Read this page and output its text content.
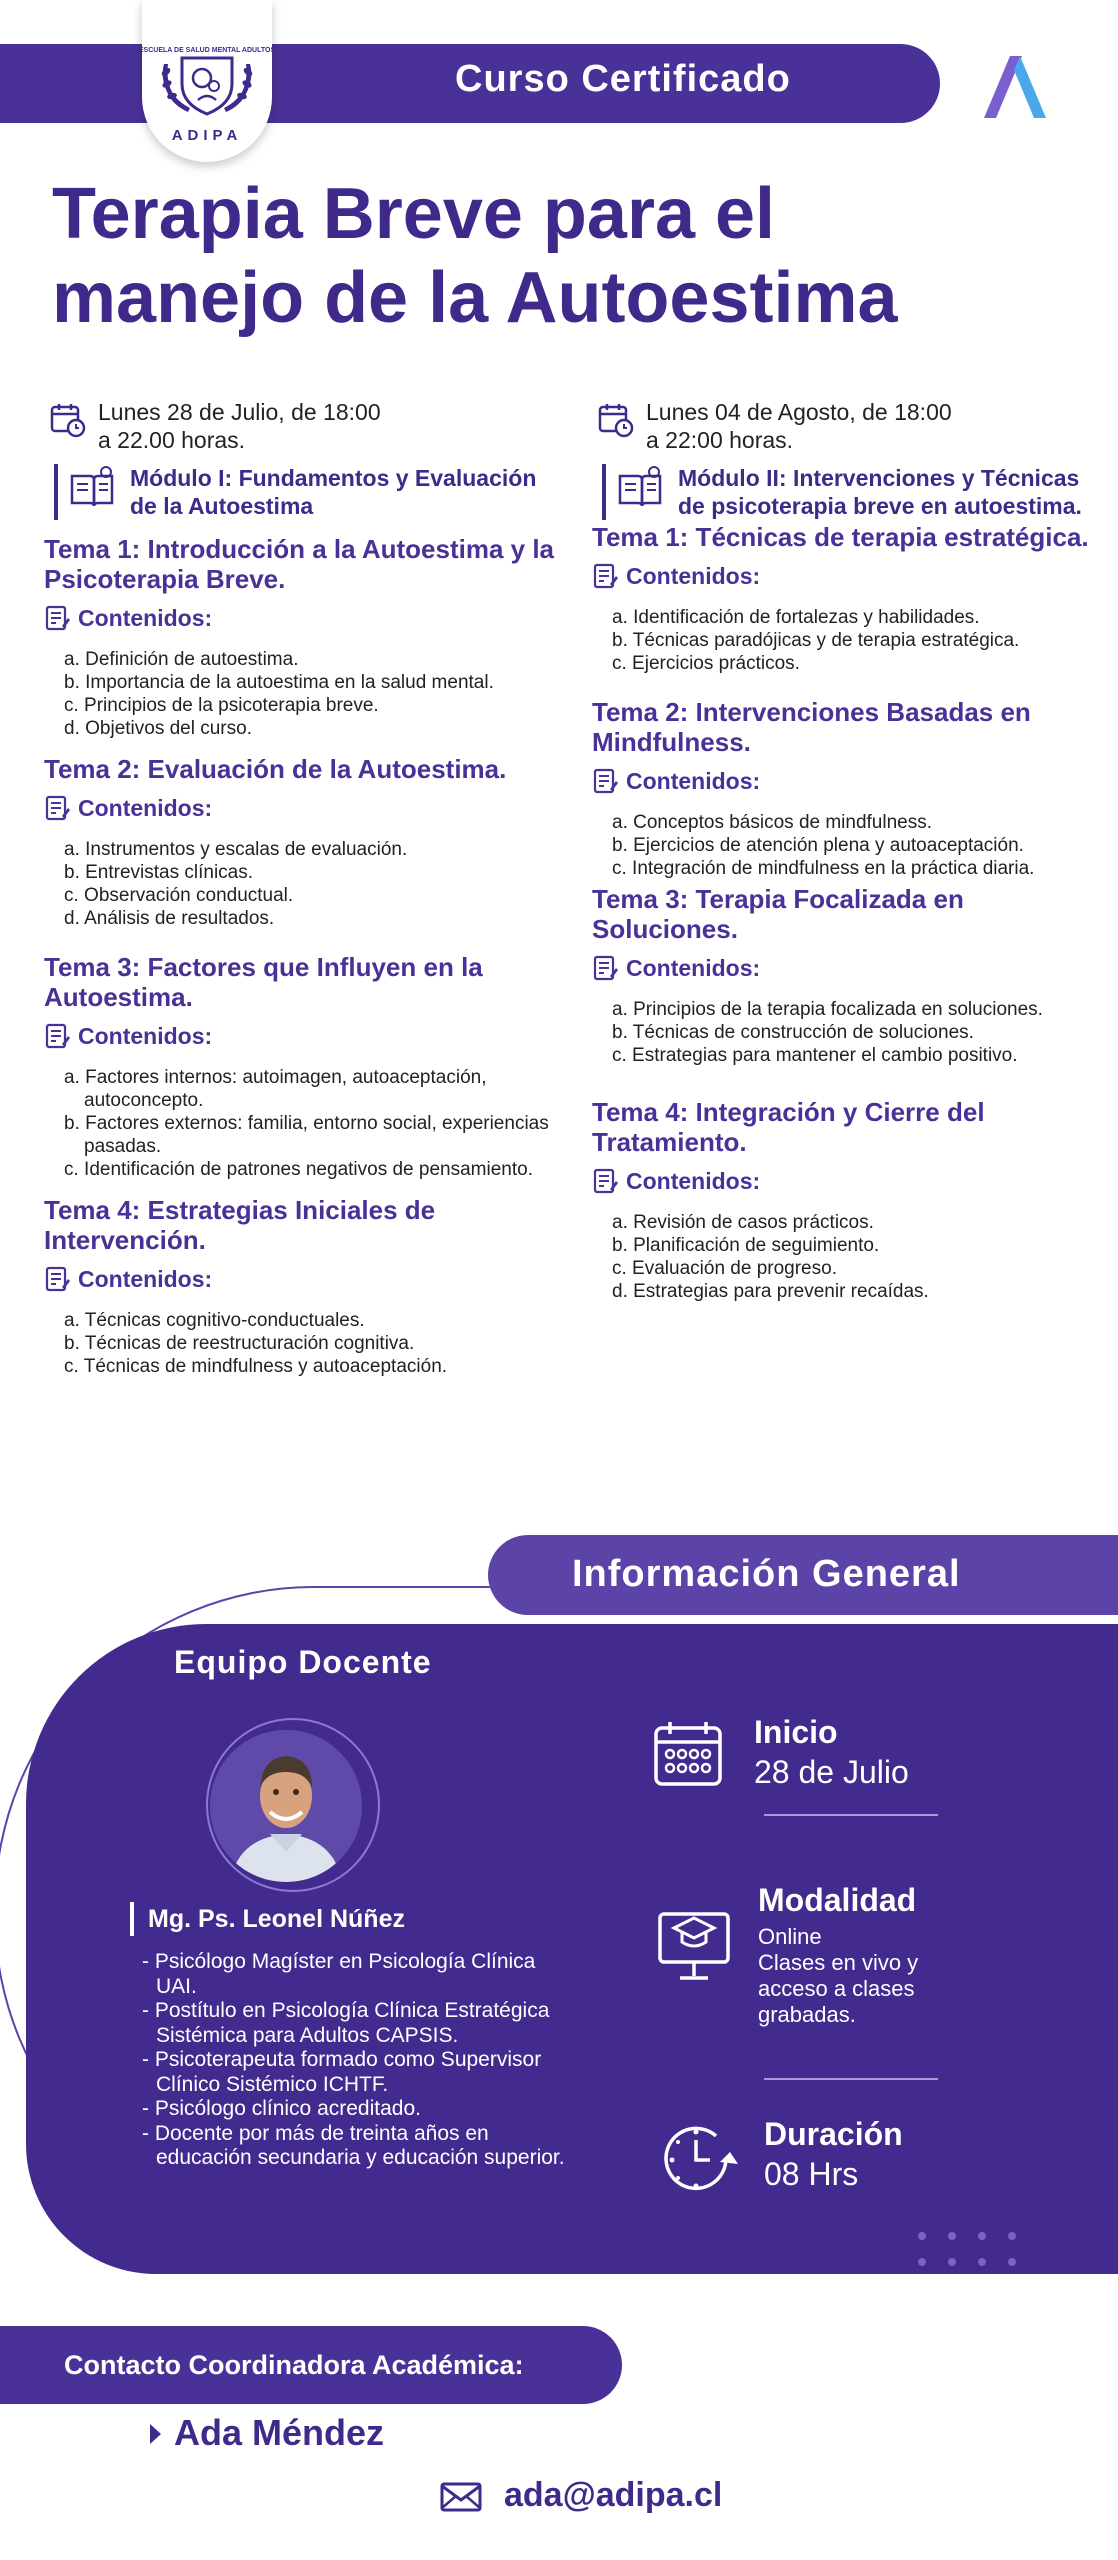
Curso Certificado
ESCUELA DE SALUD MENTAL ADULTOS
ADIPA
Terapia Breve para el
manejo de la Autoestima
Lunes 28 de Julio, de 18:00
a 22.00 horas.
Módulo I: Fundamentos y Evaluación de la Autoestima
Tema 1: Introducción a la Autoestima y la Psicoterapia Breve.
Contenidos:
a. Definición de autoestima.
b. Importancia de la autoestima en la salud mental.
c. Principios de la psicoterapia breve.
d. Objetivos del curso.
Tema 2: Evaluación de la Autoestima.
Contenidos:
a. Instrumentos y escalas de evaluación.
b. Entrevistas clínicas.
c. Observación conductual.
d. Análisis de resultados.
Tema 3: Factores que Influyen en la Autoestima.
Contenidos:
a. Factores internos: autoimagen, autoaceptación, autoconcepto.
b. Factores externos: familia, entorno social, experiencias pasadas.
c. Identificación de patrones negativos de pensamiento.
Tema 4: Estrategias Iniciales de Intervención.
Contenidos:
a. Técnicas cognitivo-conductuales.
b. Técnicas de reestructuración cognitiva.
c. Técnicas de mindfulness y autoaceptación.
Lunes 04 de Agosto, de 18:00
a 22:00 horas.
Módulo II: Intervenciones y Técnicas de psicoterapia breve en autoestima.
Tema 1: Técnicas de terapia estratégica.
Contenidos:
a. Identificación de fortalezas y habilidades.
b. Técnicas paradójicas y de terapia estratégica.
c. Ejercicios prácticos.
Tema 2: Intervenciones Basadas en Mindfulness.
Contenidos:
a. Conceptos básicos de mindfulness.
b. Ejercicios de atención plena y autoaceptación.
c. Integración de mindfulness en la práctica diaria.
Tema 3: Terapia Focalizada en Soluciones.
Contenidos:
a. Principios de la terapia focalizada en soluciones.
b. Técnicas de construcción de soluciones.
c. Estrategias para mantener el cambio positivo.
Tema 4: Integración y Cierre del Tratamiento.
Contenidos:
a. Revisión de casos prácticos.
b. Planificación de seguimiento.
c. Evaluación de progreso.
d. Estrategias para prevenir recaídas.
Información General
Equipo Docente
Mg. Ps. Leonel Núñez
- Psicólogo Magíster en Psicología Clínica UAI.
- Postítulo en Psicología Clínica Estratégica Sistémica para Adultos CAPSIS.
- Psicoterapeuta formado como Supervisor Clínico Sistémico ICHTF.
- Psicólogo clínico acreditado.
- Docente por más de treinta años en educación secundaria y educación superior.
Inicio
28 de Julio
Modalidad
Online
Clases en vivo y
acceso a clases
grabadas.
Duración
08 Hrs
Contacto Coordinadora Académica:
Ada Méndez
ada@adipa.cl
